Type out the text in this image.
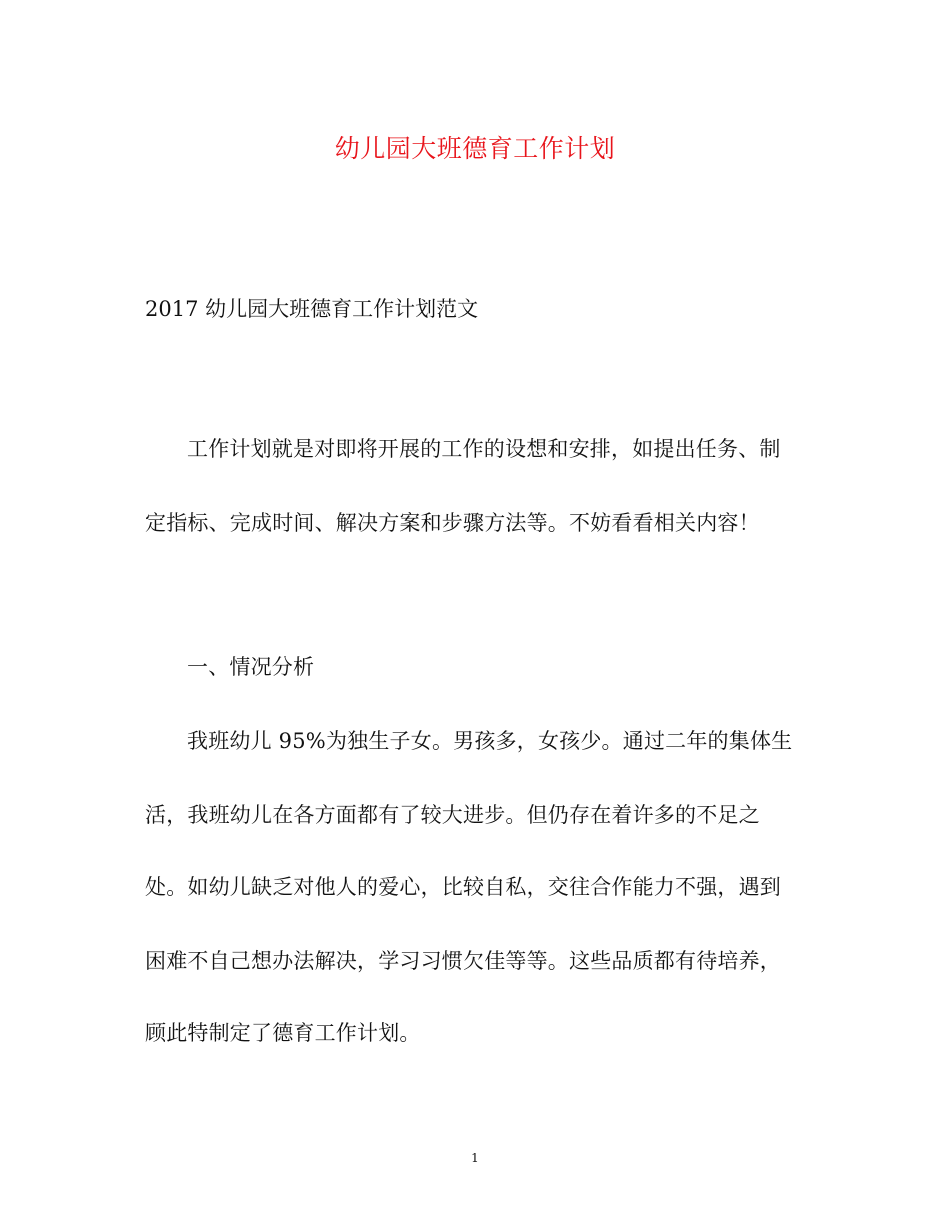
幼儿园大班德育工作计划
2017 幼儿园大班德育工作计划范文
工作计划就是对即将开展的工作的设想和安排，如提出任务、制
定指标、完成时间、解决方案和步骤方法等。不妨看看相关内容！
一、情况分析
我班幼儿 95%为独生子女。男孩多，女孩少。通过二年的集体生
活，我班幼儿在各方面都有了较大进步。但仍存在着许多的不足之
处。如幼儿缺乏对他人的爱心，比较自私，交往合作能力不强，遇到
困难不自己想办法解决，学习习惯欠佳等等。这些品质都有待培养，
顾此特制定了德育工作计划。
1
